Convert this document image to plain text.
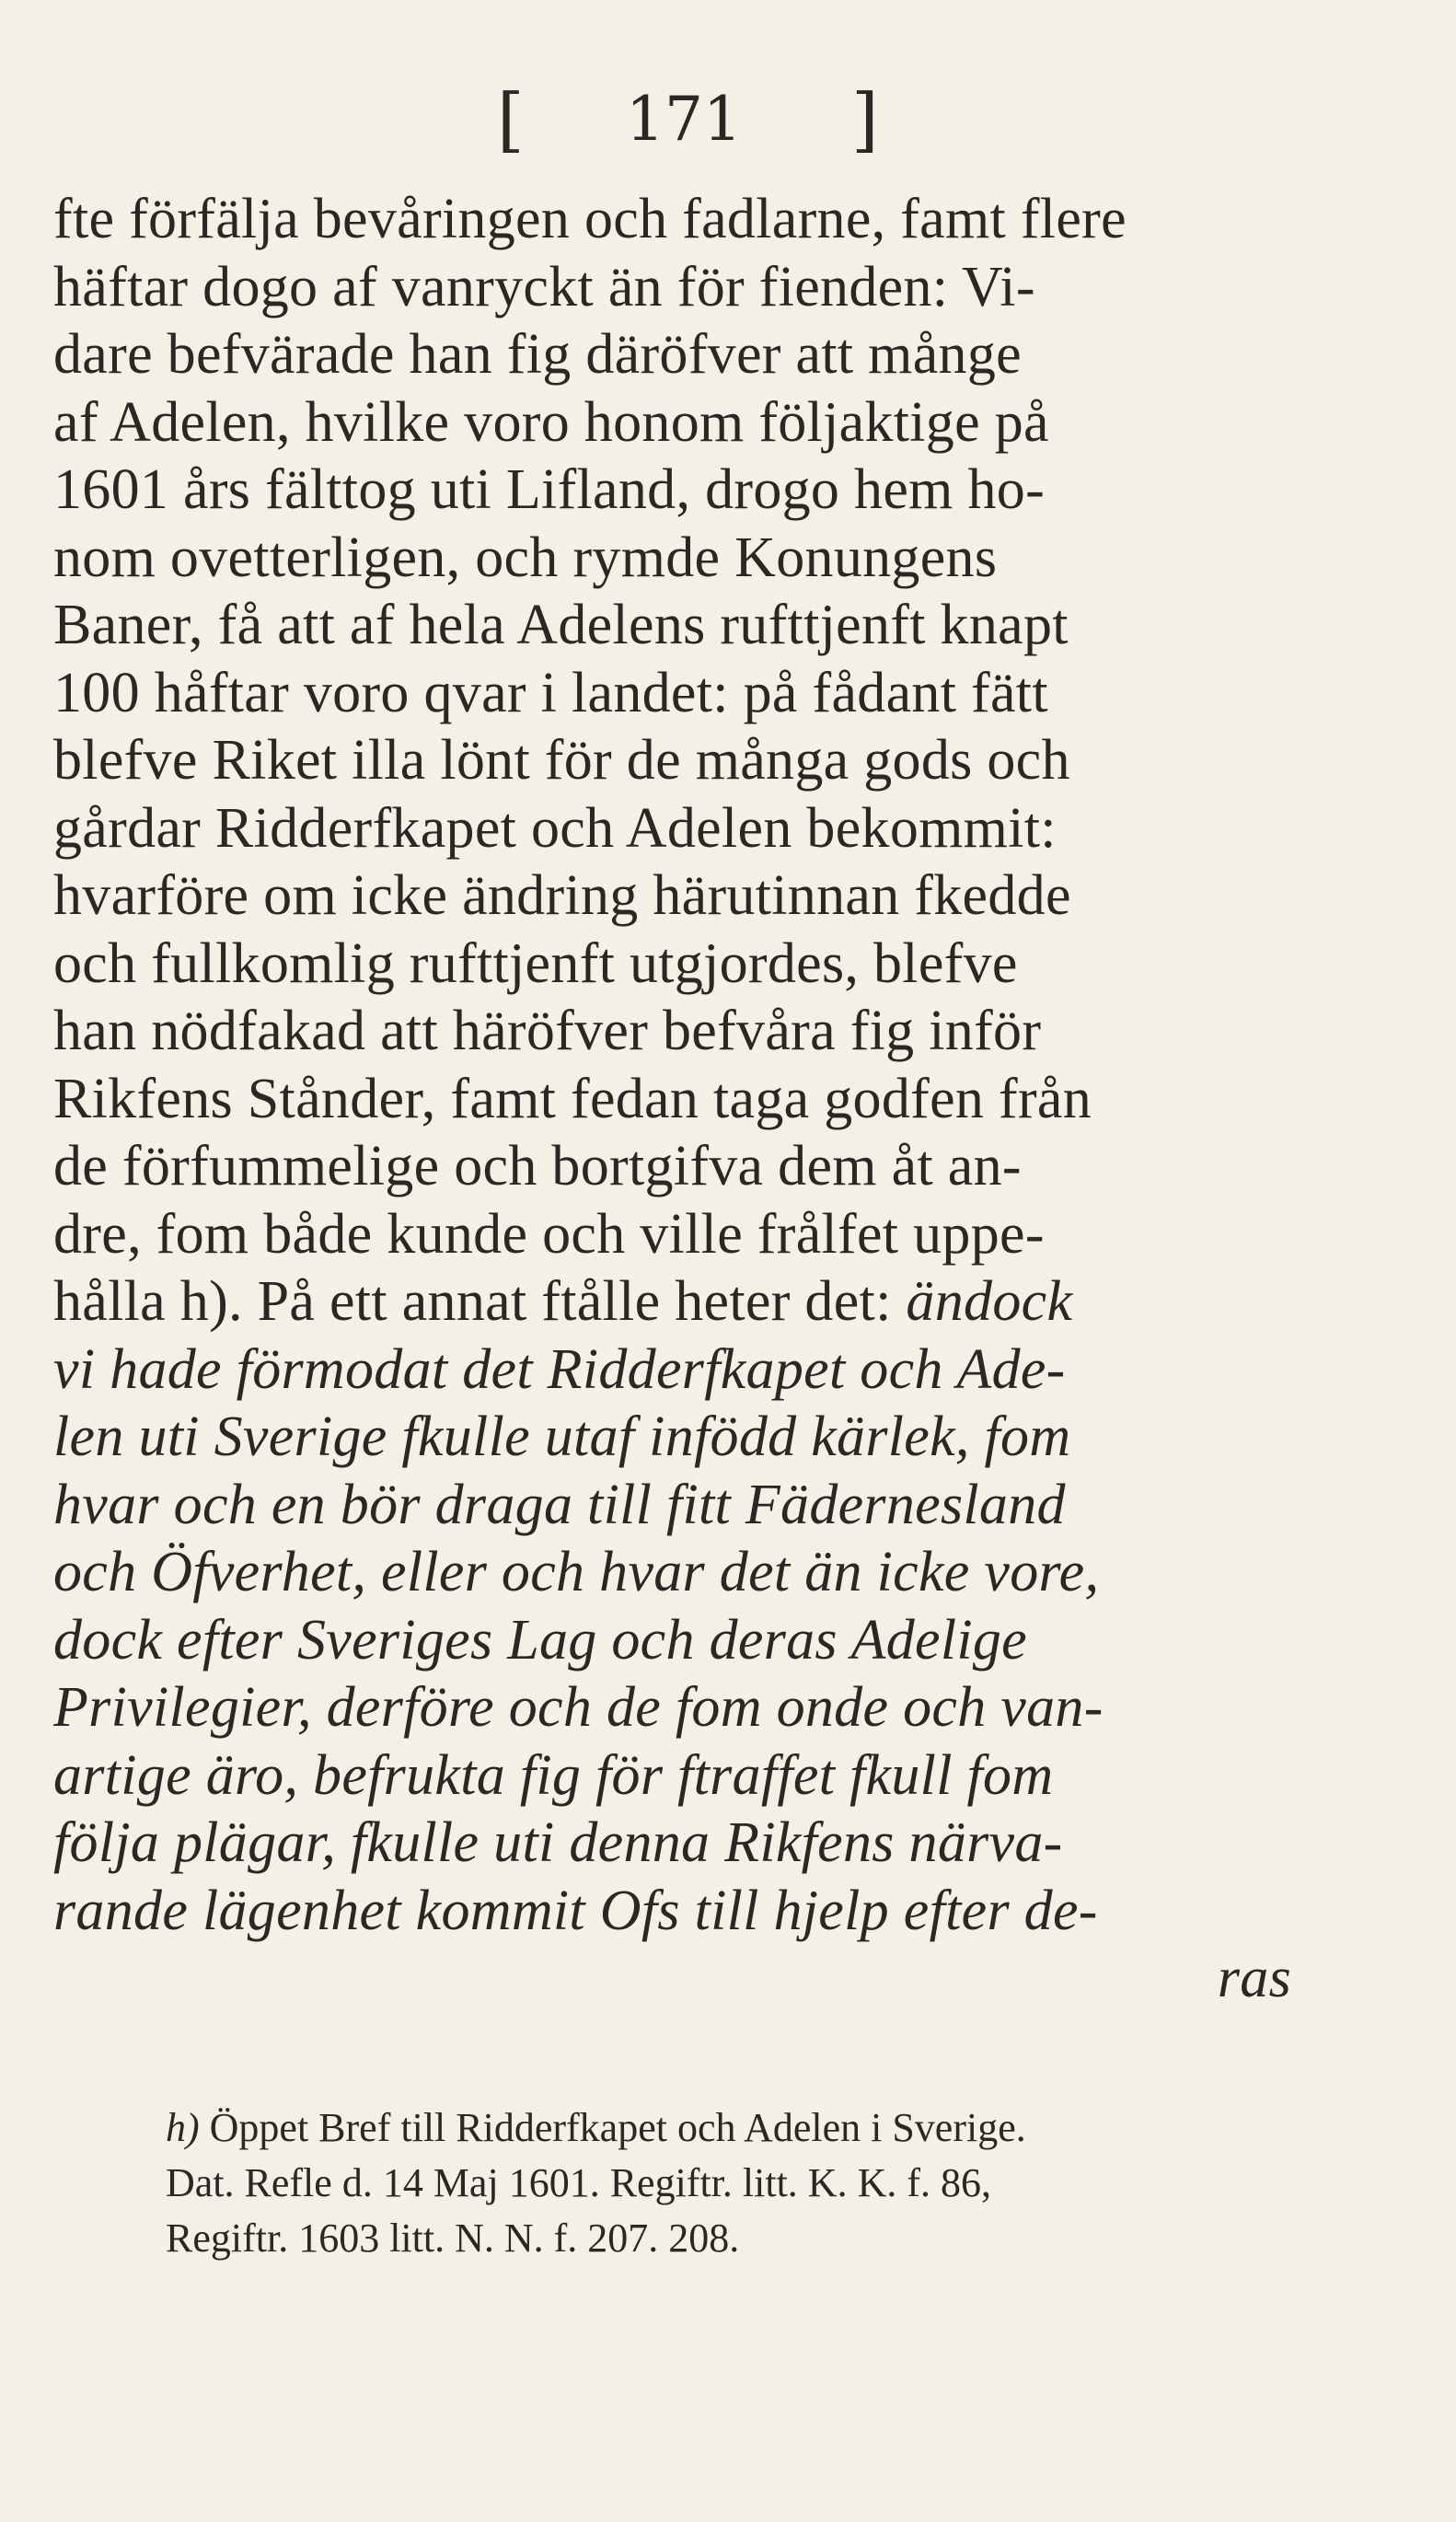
[ 171 ]
fte förfälja bevåringen och fadlarne, famt flere
häftar dogo af vanryckt än för fienden: Vi-
dare befvärade han fig däröfver att månge
af Adelen, hvilke voro honom följaktige på
1601 års fälttog uti Lifland, drogo hem ho-
nom ovetterligen, och rymde Konungens
Baner, få att af hela Adelens rufttjenft knapt
100 håftar voro qvar i landet: på fådant fätt
blefve Riket illa lönt för de många gods och
gårdar Ridderfkapet och Adelen bekommit:
hvarföre om icke ändring härutinnan fkedde
och fullkomlig rufttjenft utgjordes, blefve
han nödfakad att häröfver befvåra fig inför
Rikfens Stånder, famt fedan taga godfen från
de förfummelige och bortgifva dem åt an-
dre, fom både kunde och ville frålfet uppe-
hålla h). På ett annat ftålle heter det: ändock
vi hade förmodat det Ridderfkapet och Ade-
len uti Sverige fkulle utaf infödd kärlek, fom
hvar och en bör draga till fitt Fädernesland
och Öfverhet, eller och hvar det än icke vore,
dock efter Sveriges Lag och deras Adelige
Privilegier, derföre och de fom onde och van-
artige äro, befrukta fig för ftraffet fkull fom
följa plägar, fkulle uti denna Rikfens närva-
rande lägenhet kommit Ofs till hjelp efter de-
ras
h) Öppet Bref till Ridderfkapet och Adelen i Sverige.
Dat. Refle d. 14 Maj 1601. Regiftr. litt. K. K. f. 86,
Regiftr. 1603 litt. N. N. f. 207. 208.
